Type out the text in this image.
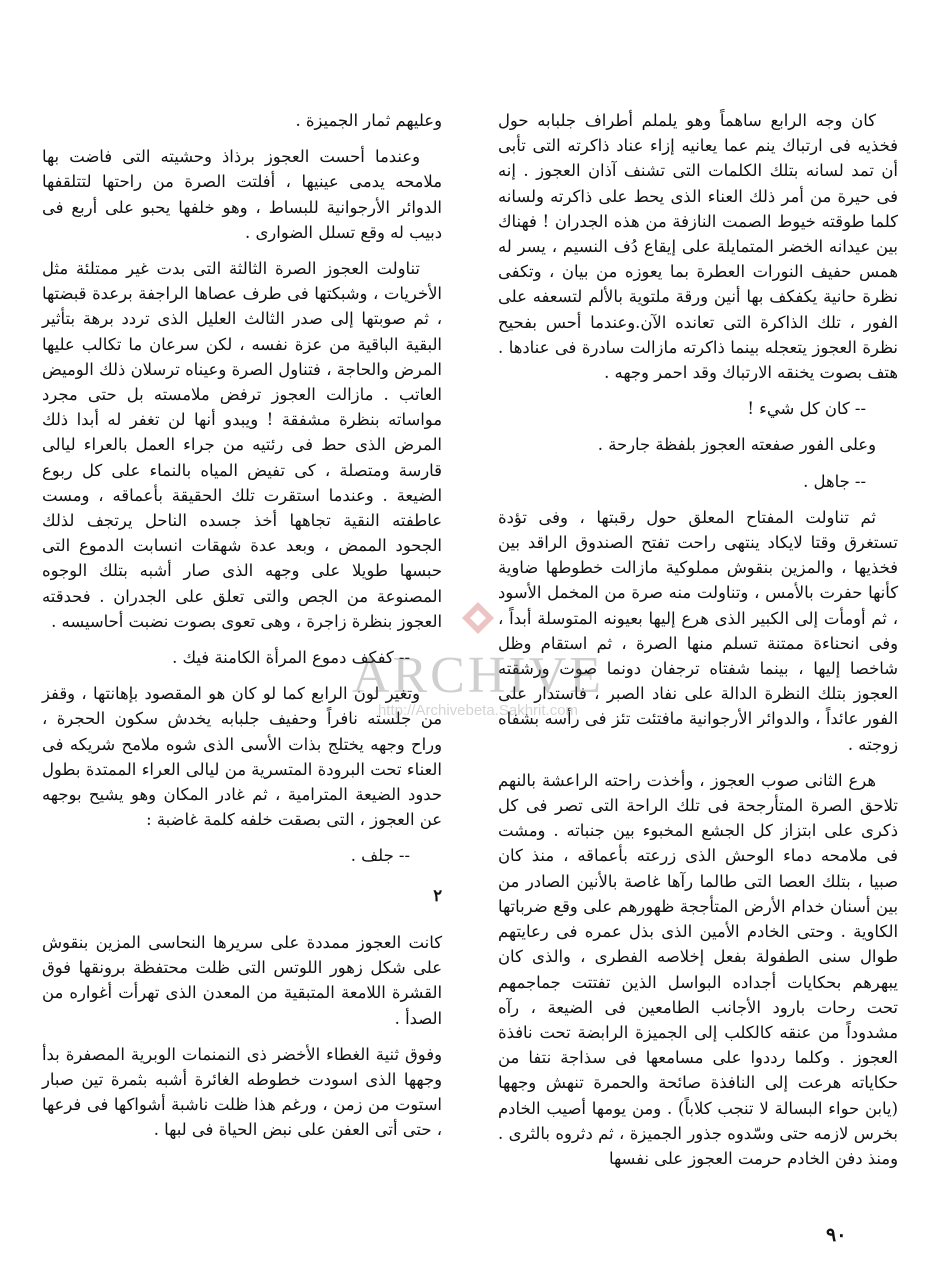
كان وجه الرابع ساهماً وهو يلملم أطراف جلبابه حول فخذيه فى ارتباك ينم عما يعانيه إزاء عناد ذاكرته التى تأبى أن تمد لسانه بتلك الكلمات التى تشنف آذان العجوز . إنه فى حيرة من أمر ذلك العناء الذى يحط على ذاكرته ولسانه كلما طوقته خيوط الصمت النازفة من هذه الجدران ! فهناك بين عيدانه الخضر المتمايلة على إيقاع دُف النسيم ، يسر له همس حفيف النورات العطرة بما يعوزه من بيان ، وتكفى نظرة حانية يكفكف بها أنين ورقة ملتوية بالألم لتسعفه على الفور ، تلك الذاكرة التى تعانده الآن.وعندما أحس بفحيح نظرة العجوز يتعجله بينما ذاكرته مازالت سادرة فى عنادها . هتف بصوت يخنقه الارتباك وقد احمر وجهه .

-- كان كل شيء !

وعلى الفور صفعته العجوز بلفظة جارحة .

-- جاهل .

ثم تناولت المفتاح المعلق حول رقبتها ، وفى تؤدة تستغرق وقتا لايكاد ينتهى راحت تفتح الصندوق الراقد بين فخذيها ، والمزين بنقوش مملوكية مازالت خطوطها ضاوية كأنها حفرت بالأمس ، وتناولت منه صرة من المخمل الأسود ، ثم أومأت إلى الكبير الذى هرع إليها بعيونه المتوسلة أبداً ، وفى انحناءة ممتنة تسلم منها الصرة ، ثم استقام وظل شاخصا إليها ، بينما شفتاه ترجفان دونما صوت ورشقته العجوز بتلك النظرة الدالة على نفاد الصبر ، فاستدار على الفور عائداً ، والدوائر الأرجوانية مافتئت تئز فى رأسه بشفاه زوجته .

هرع الثانى صوب العجوز ، وأخذت راحته الراعشة بالنهم تلاحق الصرة المتأرجحة فى تلك الراحة التى تصر فى كل ذكرى على ابتزاز كل الجشع المخبوء بين جنباته . ومشت فى ملامحه دماء الوحش الذى زرعته بأعماقه ، منذ كان صبيا ، بتلك العصا التى طالما رآها غاصة بالأنين الصادر من بين أسنان خدام الأرض المتأججة ظهورهم على وقع ضرباتها الكاوية . وحتى الخادم الأمين الذى بذل عمره فى رعايتهم طوال سنى الطفولة بفعل إخلاصه الفطرى ، والذى كان يبهرهم بحكايات أجداده البواسل الذين تفتتت جماجمهم تحت رحات بارود الأجانب الطامعين فى الضيعة ، رآه مشدوداً من عنقه كالكلب إلى الجميزة الرابضة تحت نافذة العجوز . وكلما رددوا على مسامعها فى سذاجة نتفا من حكاياته هرعت إلى النافذة صائحة والحمرة تنهش وجهها (يابن حواء البسالة لا تنجب كلاباً) . ومن يومها أصيب الخادم بخرس لازمه حتى وسّدوه جذور الجميزة ، ثم دثروه بالثرى . ومنذ دفن الخادم حرمت العجوز على نفسها

وعليهم ثمار الجميزة .

وعندما أحست العجوز برذاذ وحشيته التى فاضت بها ملامحه يدمى عينيها ، أفلتت الصرة من راحتها لتتلقفها الدوائر الأرجوانية للبساط ، وهو خلفها يحبو على أربع فى دبيب له وقع تسلل الضوارى .

تناولت العجوز الصرة الثالثة التى بدت غير ممتلئة مثل الأخريات ، وشبكتها فى طرف عصاها الراجفة برعدة قبضتها ، ثم صوبتها إلى صدر الثالث العليل الذى تردد برهة بتأثير البقية الباقية من عزة نفسه ، لكن سرعان ما تكالب عليها المرض والحاجة ، فتناول الصرة وعيناه ترسلان ذلك الوميض العاتب . مازالت العجوز ترفض ملامسته بل حتى مجرد مواساته بنظرة مشفقة ! ويبدو أنها لن تغفر له أبدا ذلك المرض الذى حط فى رئتيه من جراء العمل بالعراء ليالى قارسة ومتصلة ، كى تفيض المياه بالنماء على كل ربوع الضيعة . وعندما استقرت تلك الحقيقة بأعماقه ، ومست عاطفته النقية تجاهها أخذ جسده الناحل يرتجف لذلك الجحود الممض ، وبعد عدة شهقات انسابت الدموع التى حبسها طويلا على وجهه الذى صار أشبه بتلك الوجوه المصنوعة من الجص والتى تعلق على الجدران . فحدقته العجوز بنظرة زاجرة ، وهى تعوى بصوت نضبت أحاسيسه .

-- كفكف دموع المرأة الكامنة فيك .

وتغير لون الرابع كما لو كان هو المقصود بإهانتها ، وقفز من جلسته نافراً وحفيف جلبابه يخدش سكون الحجرة ، وراح وجهه يختلج بذات الأسى الذى شوه ملامح شريكه فى العناء تحت البرودة المتسرية من ليالى العراء الممتدة بطول حدود الضيعة المترامية ، ثم غادر المكان وهو يشيح بوجهه عن العجوز ، التى بصقت خلفه كلمة غاضبة :

-- جلف .

٢

كانت العجوز ممددة على سريرها النحاسى المزين بنقوش على شكل زهور اللوتس التى ظلت محتفظة برونقها فوق القشرة اللامعة المتبقية من المعدن الذى تهرأت أغواره من الصدأ .

وفوق ثنية الغطاء الأخضر ذى النمنمات الوبرية المصفرة بدأ وجهها الذى اسودت خطوطه الغائرة أشبه بثمرة تين صبار استوت من زمن ، ورغم هذا ظلت ناشبة أشواكها فى فرعها ، حتى أتى العفن على نبض الحياة فى لبها .

ARCHIVE
http://Archivebeta.Sakhrit.com
٩٠
